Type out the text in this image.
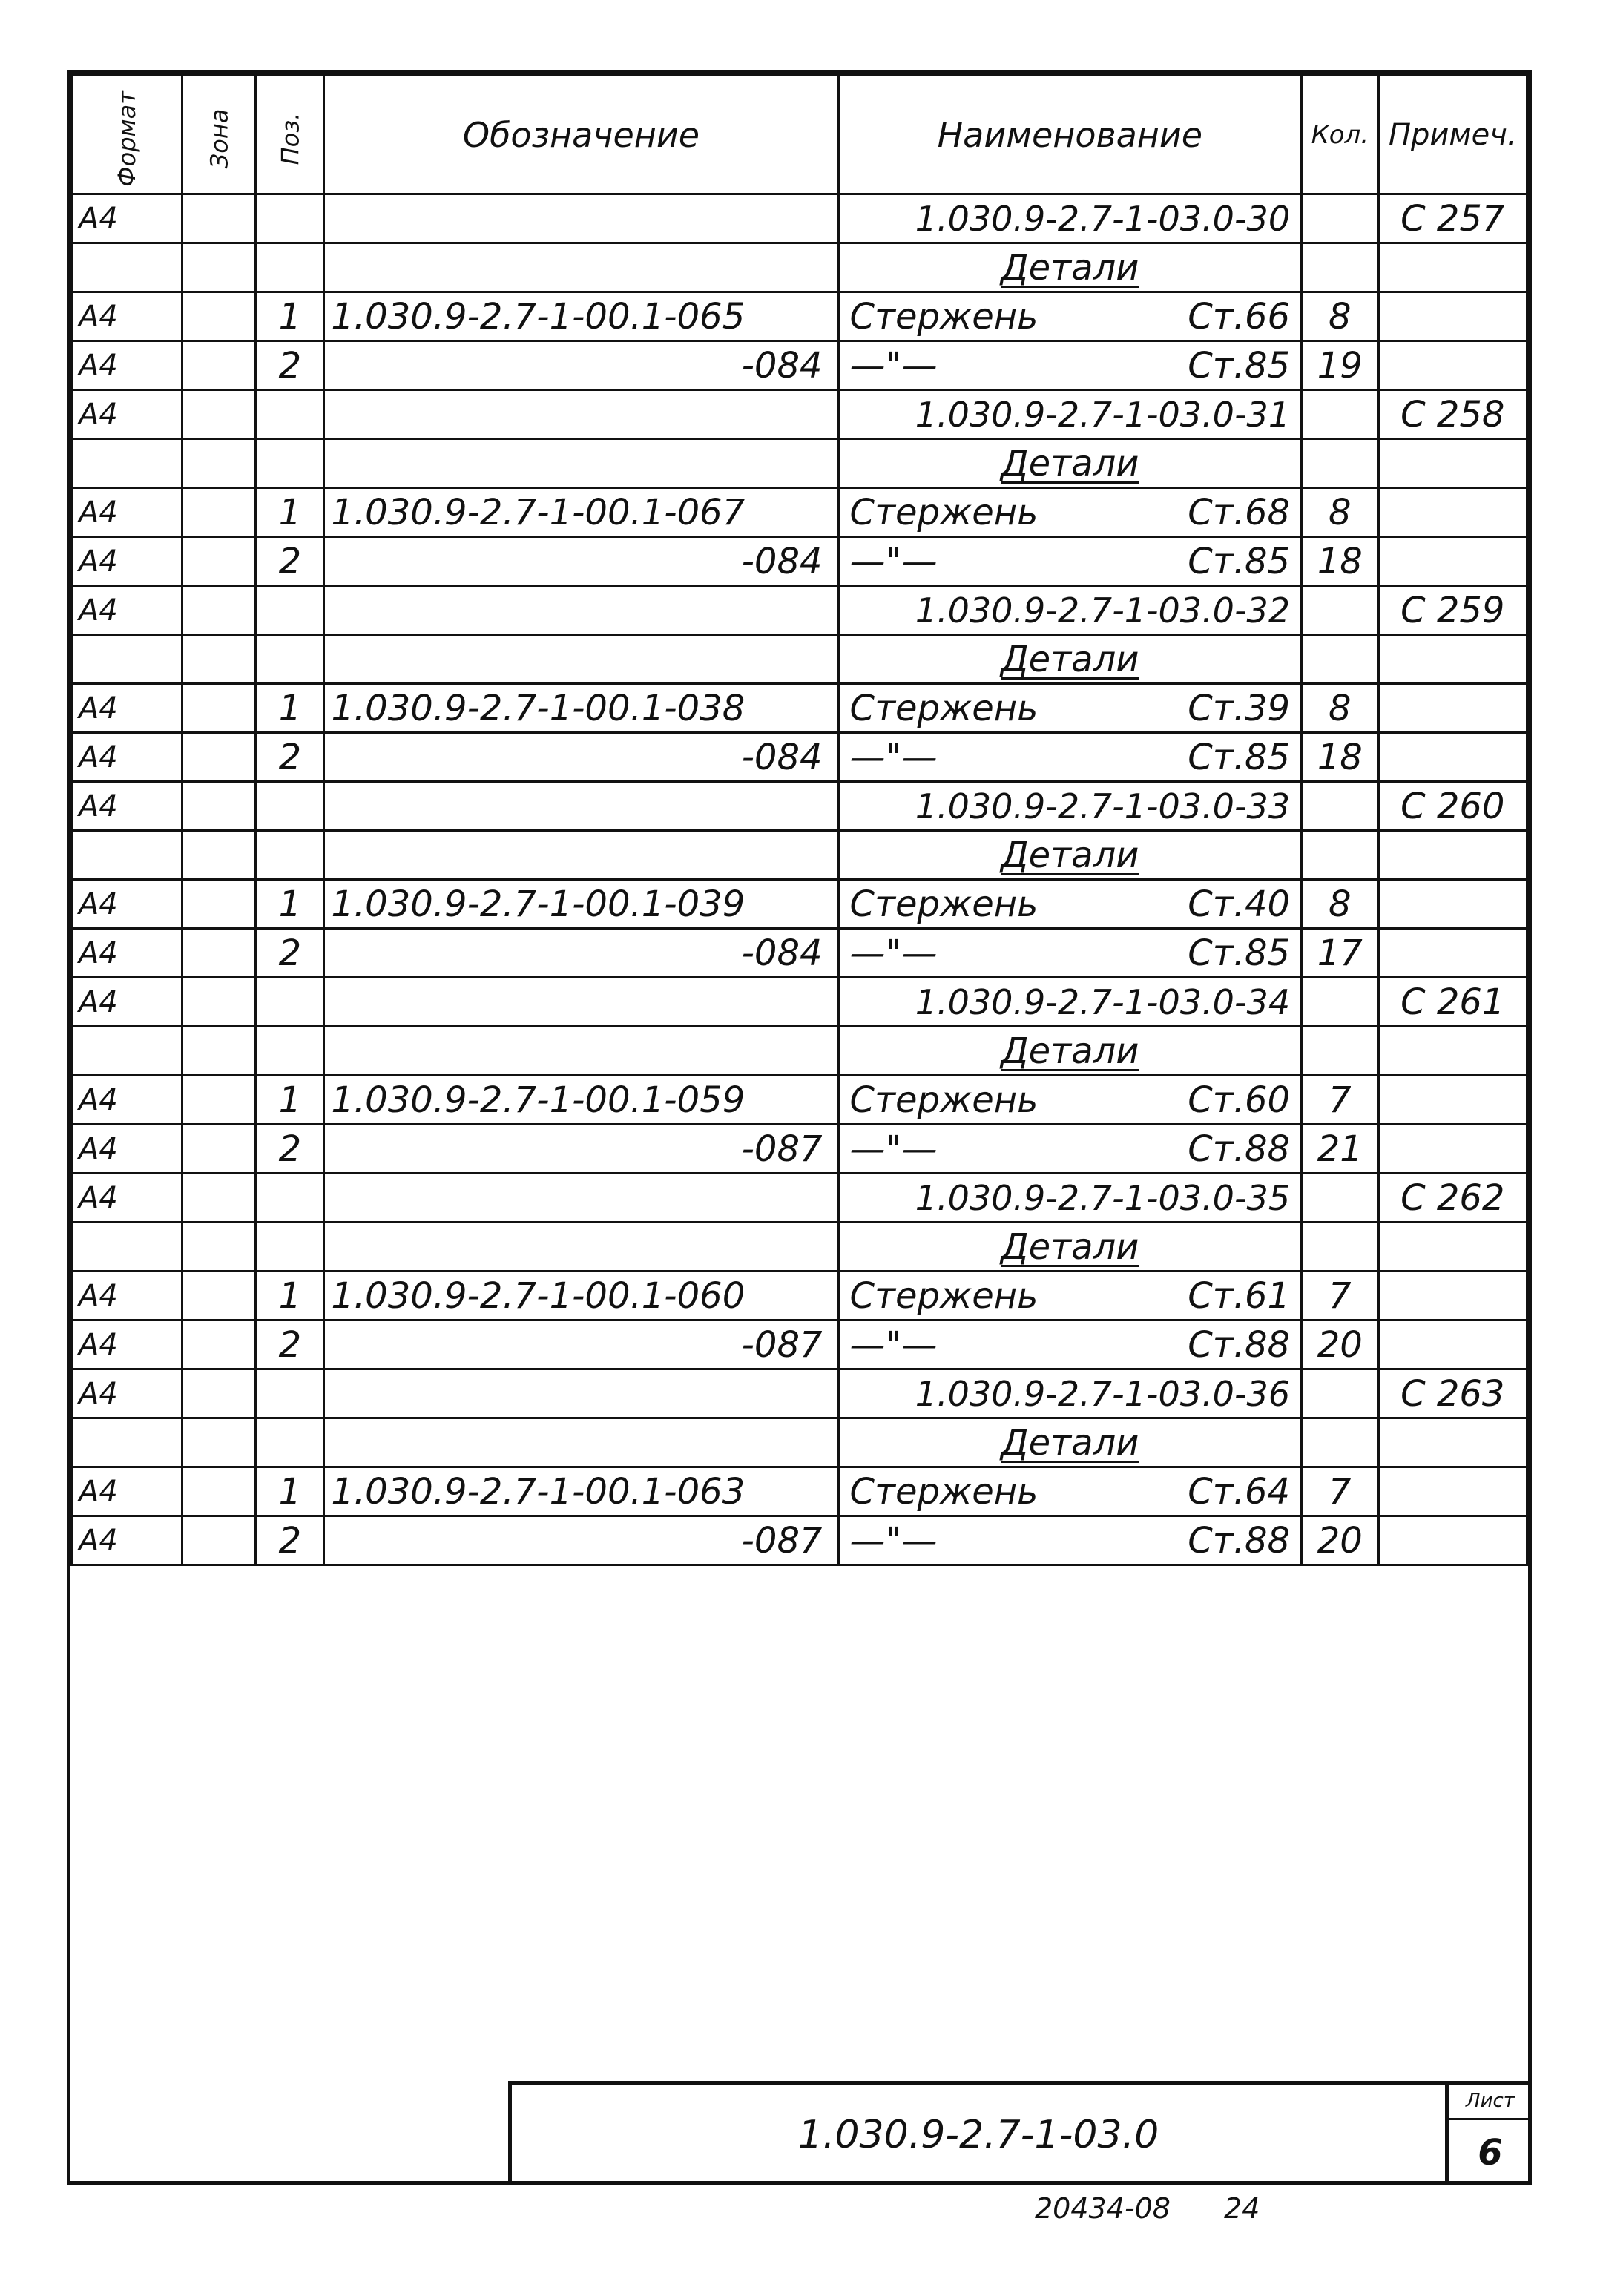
Формат	Зона	Поз.	Обозначение	Наименование	Кол.	Примеч.
А4				1.030.9-2.7-1-03.0-30		С 257
				Детали		
А4		1	1.030.9-2.7-1-00.1-065	Стержень Ст.66	8	
А4		2	-084	—"— Ст.85	19	
А4				1.030.9-2.7-1-03.0-31		С 258
				Детали		
А4		1	1.030.9-2.7-1-00.1-067	Стержень Ст.68	8	
А4		2	-084	—"— Ст.85	18	
А4				1.030.9-2.7-1-03.0-32		С 259
				Детали		
А4		1	1.030.9-2.7-1-00.1-038	Стержень Ст.39	8	
А4		2	-084	—"— Ст.85	18	
А4				1.030.9-2.7-1-03.0-33		С 260
				Детали		
А4		1	1.030.9-2.7-1-00.1-039	Стержень Ст.40	8	
А4		2	-084	—"— Ст.85	17	
А4				1.030.9-2.7-1-03.0-34		С 261
				Детали		
А4		1	1.030.9-2.7-1-00.1-059	Стержень Ст.60	7	
А4		2	-087	—"— Ст.88	21	
А4				1.030.9-2.7-1-03.0-35		С 262
				Детали		
А4		1	1.030.9-2.7-1-00.1-060	Стержень Ст.61	7	
А4		2	-087	—"— Ст.88	20	
А4				1.030.9-2.7-1-03.0-36		С 263
				Детали		
А4		1	1.030.9-2.7-1-00.1-063	Стержень Ст.64	7	
А4		2	-087	—"— Ст.88	20	
1.030.9-2.7-1-03.0
Лист
6
20434-08 24
